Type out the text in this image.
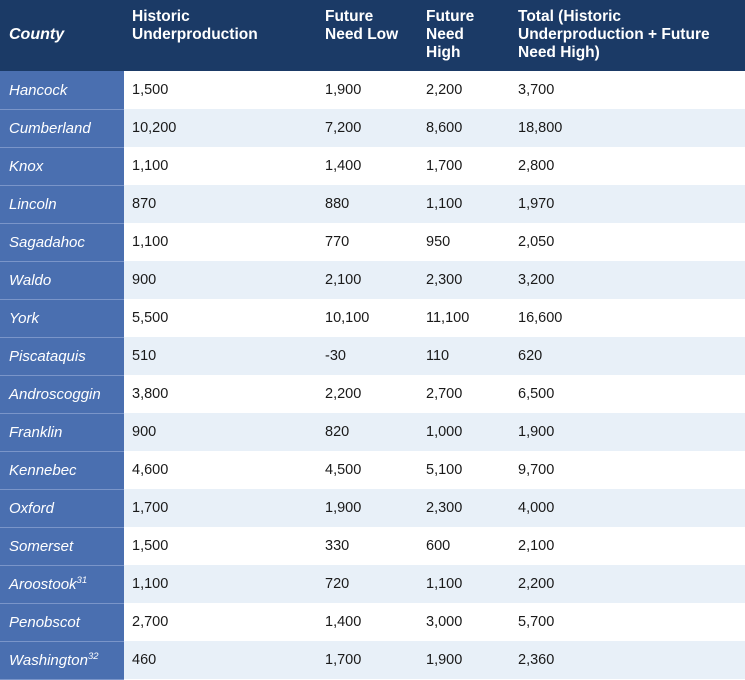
County	Historic Underproduction	Future Need Low	Future Need High	Total (Historic Underproduction + Future Need High)
Hancock	1,500	1,900	2,200	3,700
Cumberland	10,200	7,200	8,600	18,800
Knox	1,100	1,400	1,700	2,800
Lincoln	870	880	1,100	1,970
Sagadahoc	1,100	770	950	2,050
Waldo	900	2,100	2,300	3,200
York	5,500	10,100	11,100	16,600
Piscataquis	510	-30	110	620
Androscoggin	3,800	2,200	2,700	6,500
Franklin	900	820	1,000	1,900
Kennebec	4,600	4,500	5,100	9,700
Oxford	1,700	1,900	2,300	4,000
Somerset	1,500	330	600	2,100
Aroostook$^{31}$	1,100	720	1,100	2,200
Penobscot	2,700	1,400	3,000	5,700
Washington$^{32}$	460	1,700	1,900	2,360
